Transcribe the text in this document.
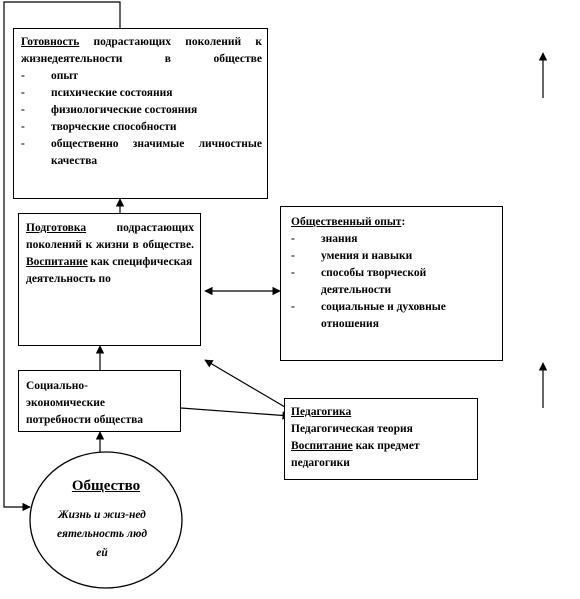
Готовность подрастающих поколений к жизнедеятельности в обществе
- опыт
- психические состояния
- физиологические состояния
- творческие способности
- общественно значимые личностные качества
Подготовка	подрастающих поколений к жизни в обществе.
Воспитание как специфическая деятельность по
Общественный опыт:
- знания
- умения и навыки
- способы творческой деятельности
- социальные и духовные отношения
Социально-экономические потребности общества
Педагогика
Педагогическая теория
Воспитание как предмет педагогики
Общество
Жизнь и жиз-недеятельность людей
